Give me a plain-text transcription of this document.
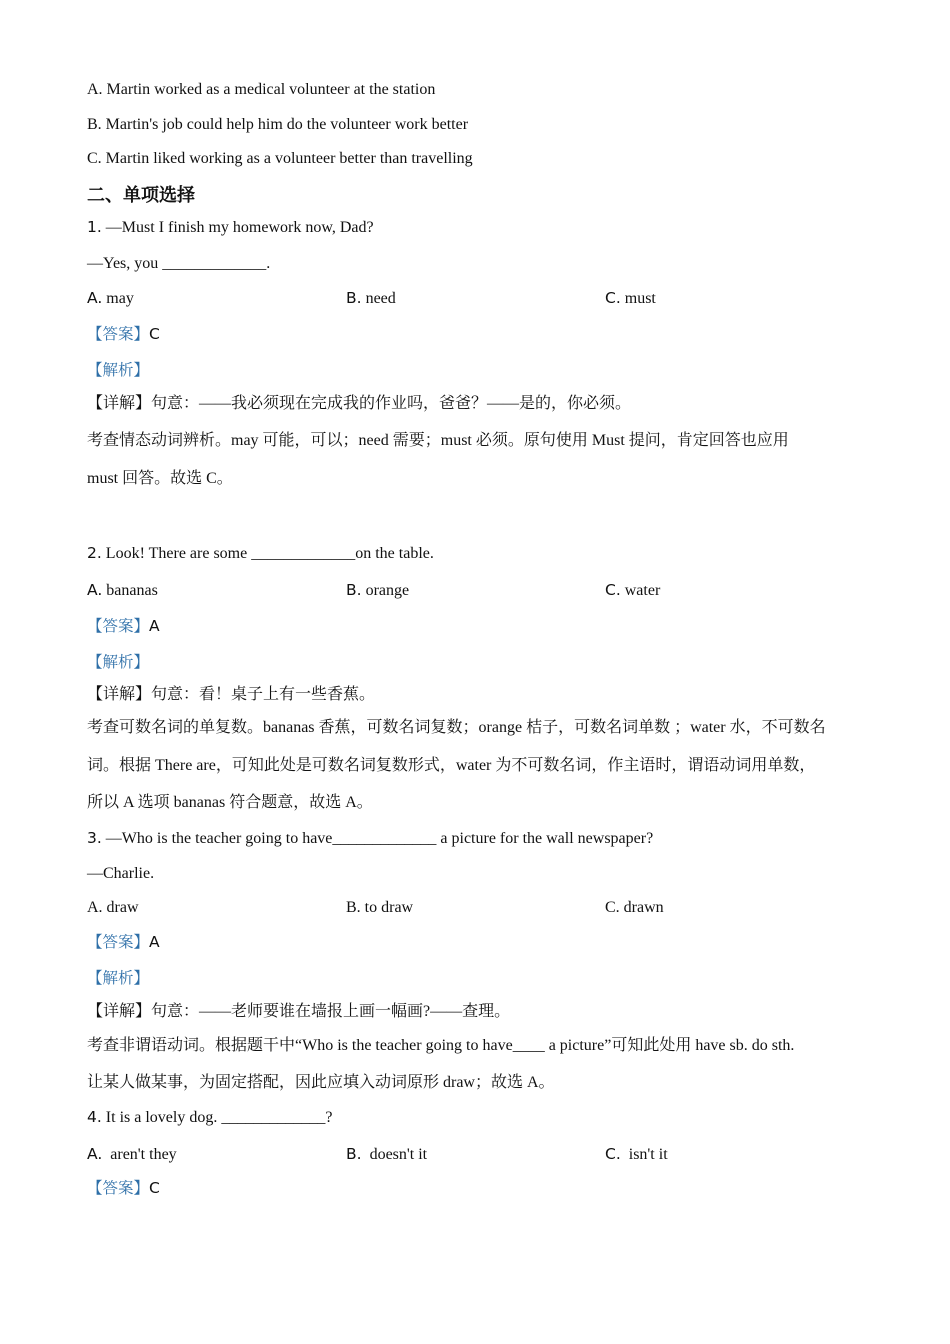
A. Martin worked as a medical volunteer at the station
B. Martin's job could help him do the volunteer work better
C. Martin liked working as a volunteer better than travelling
二、单项选择
1. —Must I finish my homework now, Dad?
—Yes, you _____________.
A. may	B. need	C. must
【答案】C
【解析】
【详解】句意：——我必须现在完成我的作业吗，爸爸？——是的，你必须。
考查情态动词辨析。may 可能，可以；need 需要；must 必须。原句使用 Must 提问，肯定回答也应用
must 回答。故选 C。
2. Look! There are some _____________on the table.
A. bananas	B. orange	C. water
【答案】A
【解析】
【详解】句意：看！桌子上有一些香蕉。
考查可数名词的单复数。bananas 香蕉，可数名词复数；orange 桔子，可数名词单数 ；water 水，不可数名
词。根据 There are，可知此处是可数名词复数形式，water 为不可数名词，作主语时，谓语动词用单数，
所以 A 选项 bananas 符合题意，故选 A。
3. —Who is the teacher going to have_____________ a picture for the wall newspaper?
—Charlie.
A. draw	B. to draw	C. drawn
【答案】A
【解析】
【详解】句意：——老师要谁在墙报上画一幅画?——查理。
考查非谓语动词。根据题干中“Who is the teacher going to have____ a picture”可知此处用 have sb. do sth.
让某人做某事，为固定搭配，因此应填入动词原形 draw；故选 A。
4. It is a lovely dog. _____________?
A. aren't they	B. doesn't it	C. isn't it
【答案】C
